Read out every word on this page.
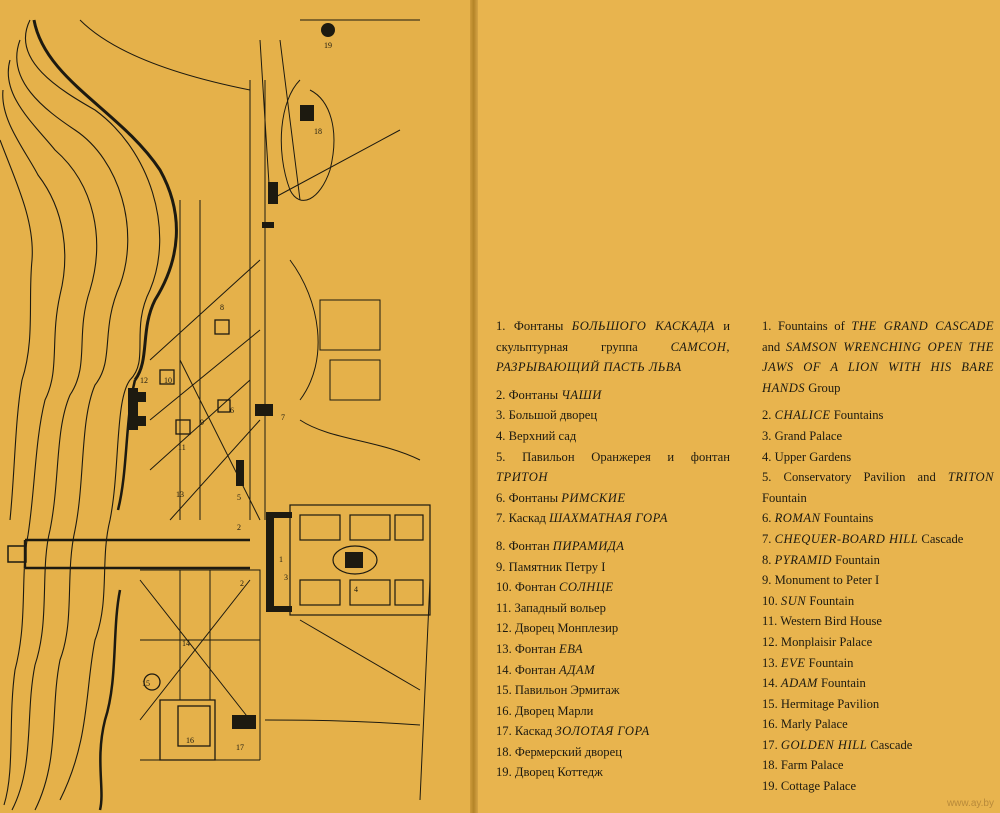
1
2
2
3
4
5
6
7
8
9
10
11
12
13
14
15
16
17
18
19
1. Фонтаны БОЛЬШОГО КАСКАДА и скульптурная группа САМСОН, РАЗРЫВАЮЩИЙ ПАСТЬ ЛЬВА
2. Фонтаны ЧАШИ
3. Большой дворец
4. Верхний сад
5. Павильон Оранжерея и фонтан ТРИТОН
6. Фонтаны РИМСКИЕ
7. Каскад ШАХМАТНАЯ ГОРА
8. Фонтан ПИРАМИДА
9. Памятник Петру I
10. Фонтан СОЛНЦЕ
11. Западный вольер
12. Дворец Монплезир
13. Фонтан ЕВА
14. Фонтан АДАМ
15. Павильон Эрмитаж
16. Дворец Марли
17. Каскад ЗОЛОТАЯ ГОРА
18. Фермерский дворец
19. Дворец Коттедж
1. Fountains of THE GRAND CASCADE and SAMSON WRENCHING OPEN THE JAWS OF A LION WITH HIS BARE HANDS Group
2. CHALICE Fountains
3. Grand Palace
4. Upper Gardens
5. Conservatory Pavilion and TRITON Fountain
6. ROMAN Fountains
7. CHEQUER-BOARD HILL Cascade
8. PYRAMID Fountain
9. Monument to Peter I
10. SUN Fountain
11. Western Bird House
12. Monplaisir Palace
13. EVE Fountain
14. ADAM Fountain
15. Hermitage Pavilion
16. Marly Palace
17. GOLDEN HILL Cascade
18. Farm Palace
19. Cottage Palace
www.ay.by
